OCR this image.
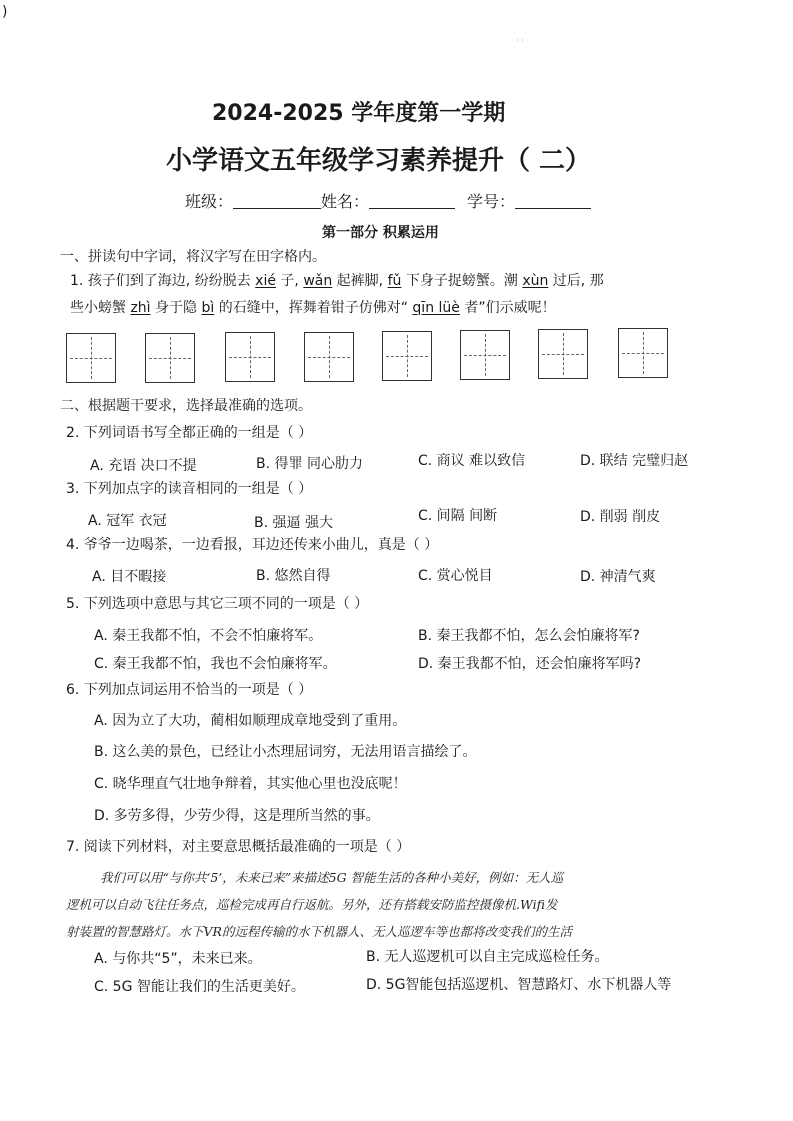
)
· ·
2024-2025 学年度第一学期
小学语文五年级学习素养提升（ 二）
班级：	姓名：	学号：
第一部分 积累运用
一、拼读句中字词，将汉字写在田字格内。
1. 孩子们到了海边, 纷纷脱去 xié 子, wǎn 起裤脚, fǔ 下身子捉螃蟹。潮 xùn 过后, 那
些小螃蟹 zhì 身于隐 bì 的石缝中，挥舞着钳子仿佛对“ qīn lüè 者”们示威呢！
二、根据题干要求，选择最准确的选项。
2. 下列词语书写全都正确的一组是（ ）
A. 充语 决口不提	B. 得罪 同心肋力	C. 商议 难以致信	D. 联结 完璧归赵
3. 下列加点字的读音相同的一组是（ ）
A. 冠军 衣冠	B. 强逼 强大	C. 间隔 间断	D. 削弱 削皮
4. 爷爷一边喝茶，一边看报，耳边还传来小曲儿，真是（ ）
A. 目不暇接	B. 悠然自得	C. 赏心悦目	D. 神清气爽
5. 下列选项中意思与其它三项不同的一项是（ ）
A. 秦王我都不怕，不会不怕廉将军。	B. 秦王我都不怕，怎么会怕廉将军?
C. 秦王我都不怕，我也不会怕廉将军。	D. 秦王我都不怕，还会怕廉将军吗?
6. 下列加点词运用不恰当的一项是（ ）
A. 因为立了大功，蔺相如顺理成章地受到了重用。
B. 这么美的景色，已经让小杰理屈词穷，无法用语言描绘了。
C. 晓华理直气壮地争辩着，其实他心里也没底呢！
D. 多劳多得，少劳少得，这是理所当然的事。
7. 阅读下列材料，对主要意思概括最准确的一项是（ ）
我们可以用“与你共‘5’，未来已来”来描述5G 智能生活的各种小美好，例如：无人巡
逻机可以自动飞往任务点，巡检完成再自行返航。另外，还有搭载安防监控摄像机.Wifi发
射装置的智慧路灯。水下VR的远程传输的水下机器人、无人巡逻车等也都将改变我们的生活
A. 与你共“5”，未来已来。	B. 无人巡逻机可以自主完成巡检任务。
C. 5G 智能让我们的生活更美好。	D. 5G智能包括巡逻机、智慧路灯、水下机器人等
